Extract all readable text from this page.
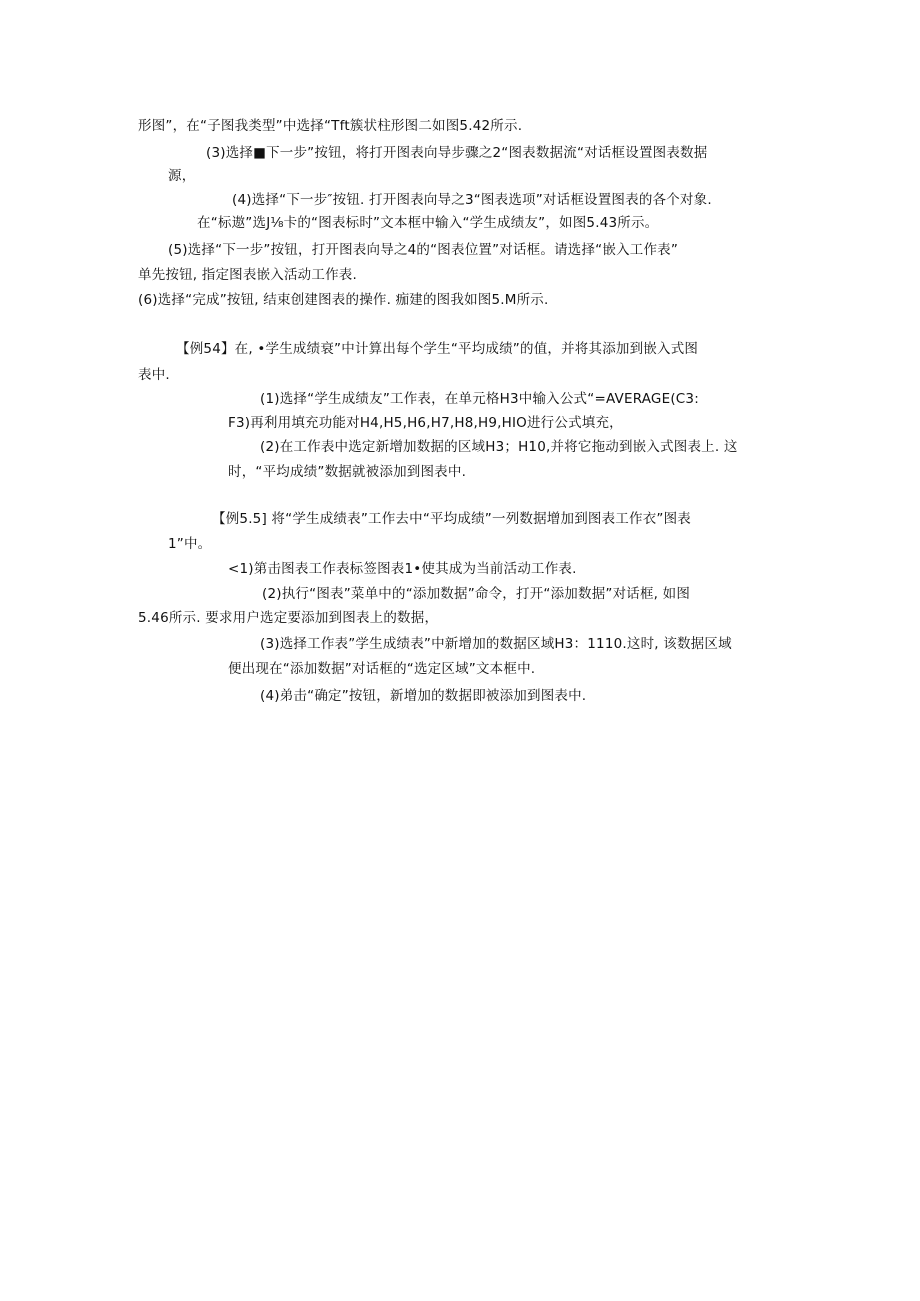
形图”，在“子图我类型”中选择“Tft簇状柱形图二如图5.42所示.
(3)选择■下一步”按钮，将打开图表向导步骤之2“图表数据流“对话框设置图表数据
源，
(4)选择“下一步″按钮. 打开图表向导之3“图表选项”对话框设置图表的各个对象.
在“标遨”选J⅛卡的“图表标时”文本框中输入“学生成绩友”，如图5.43所示。
(5)选择“下一步”按钮，打开图表向导之4的“图表位置”对话框。请选择“嵌入工作表”
单先按钮, 指定图表嵌入活动工作表.
(6)选择“完成”按钮, 结束创建图表的操作. 痂建的图我如图5.M所示.
【例54】在, •学生成绩衰”中计算出每个学生“平均成绩”的值，并将其添加到嵌入式图
表中.
(1)选择“学生成绩友”工作表，在单元格H3中输入公式“=AVERAGE(C3:
F3)再利用填充功能对H4,H5,H6,H7,H8,H9,HIO进行公式填充，
(2)在工作表中选定新增加数据的区域H3；H10,并将它拖动到嵌入式图表上. 这
时，“平均成绩”数据就被添加到图表中.
【例5.5] 将“学生成绩表”工作去中“平均成绩”一列数据增加到图表工作衣”图表
1”中。
<1)第击图表工作表标签图表1•使其成为当前活动工作表.
(2)执行“图表”菜单中的“添加数据”命令，打开“添加数据”对话框, 如图
5.46所示. 要求用户选定要添加到图表上的数据，
(3)选择工作表”学生成绩表”中新增加的数据区域H3：1110.这时, 该数据区域
便出现在“添加数据”对话框的“选定区域”文本框中.
(4)弟击“确定”按钮，新增加的数据即被添加到图表中.
